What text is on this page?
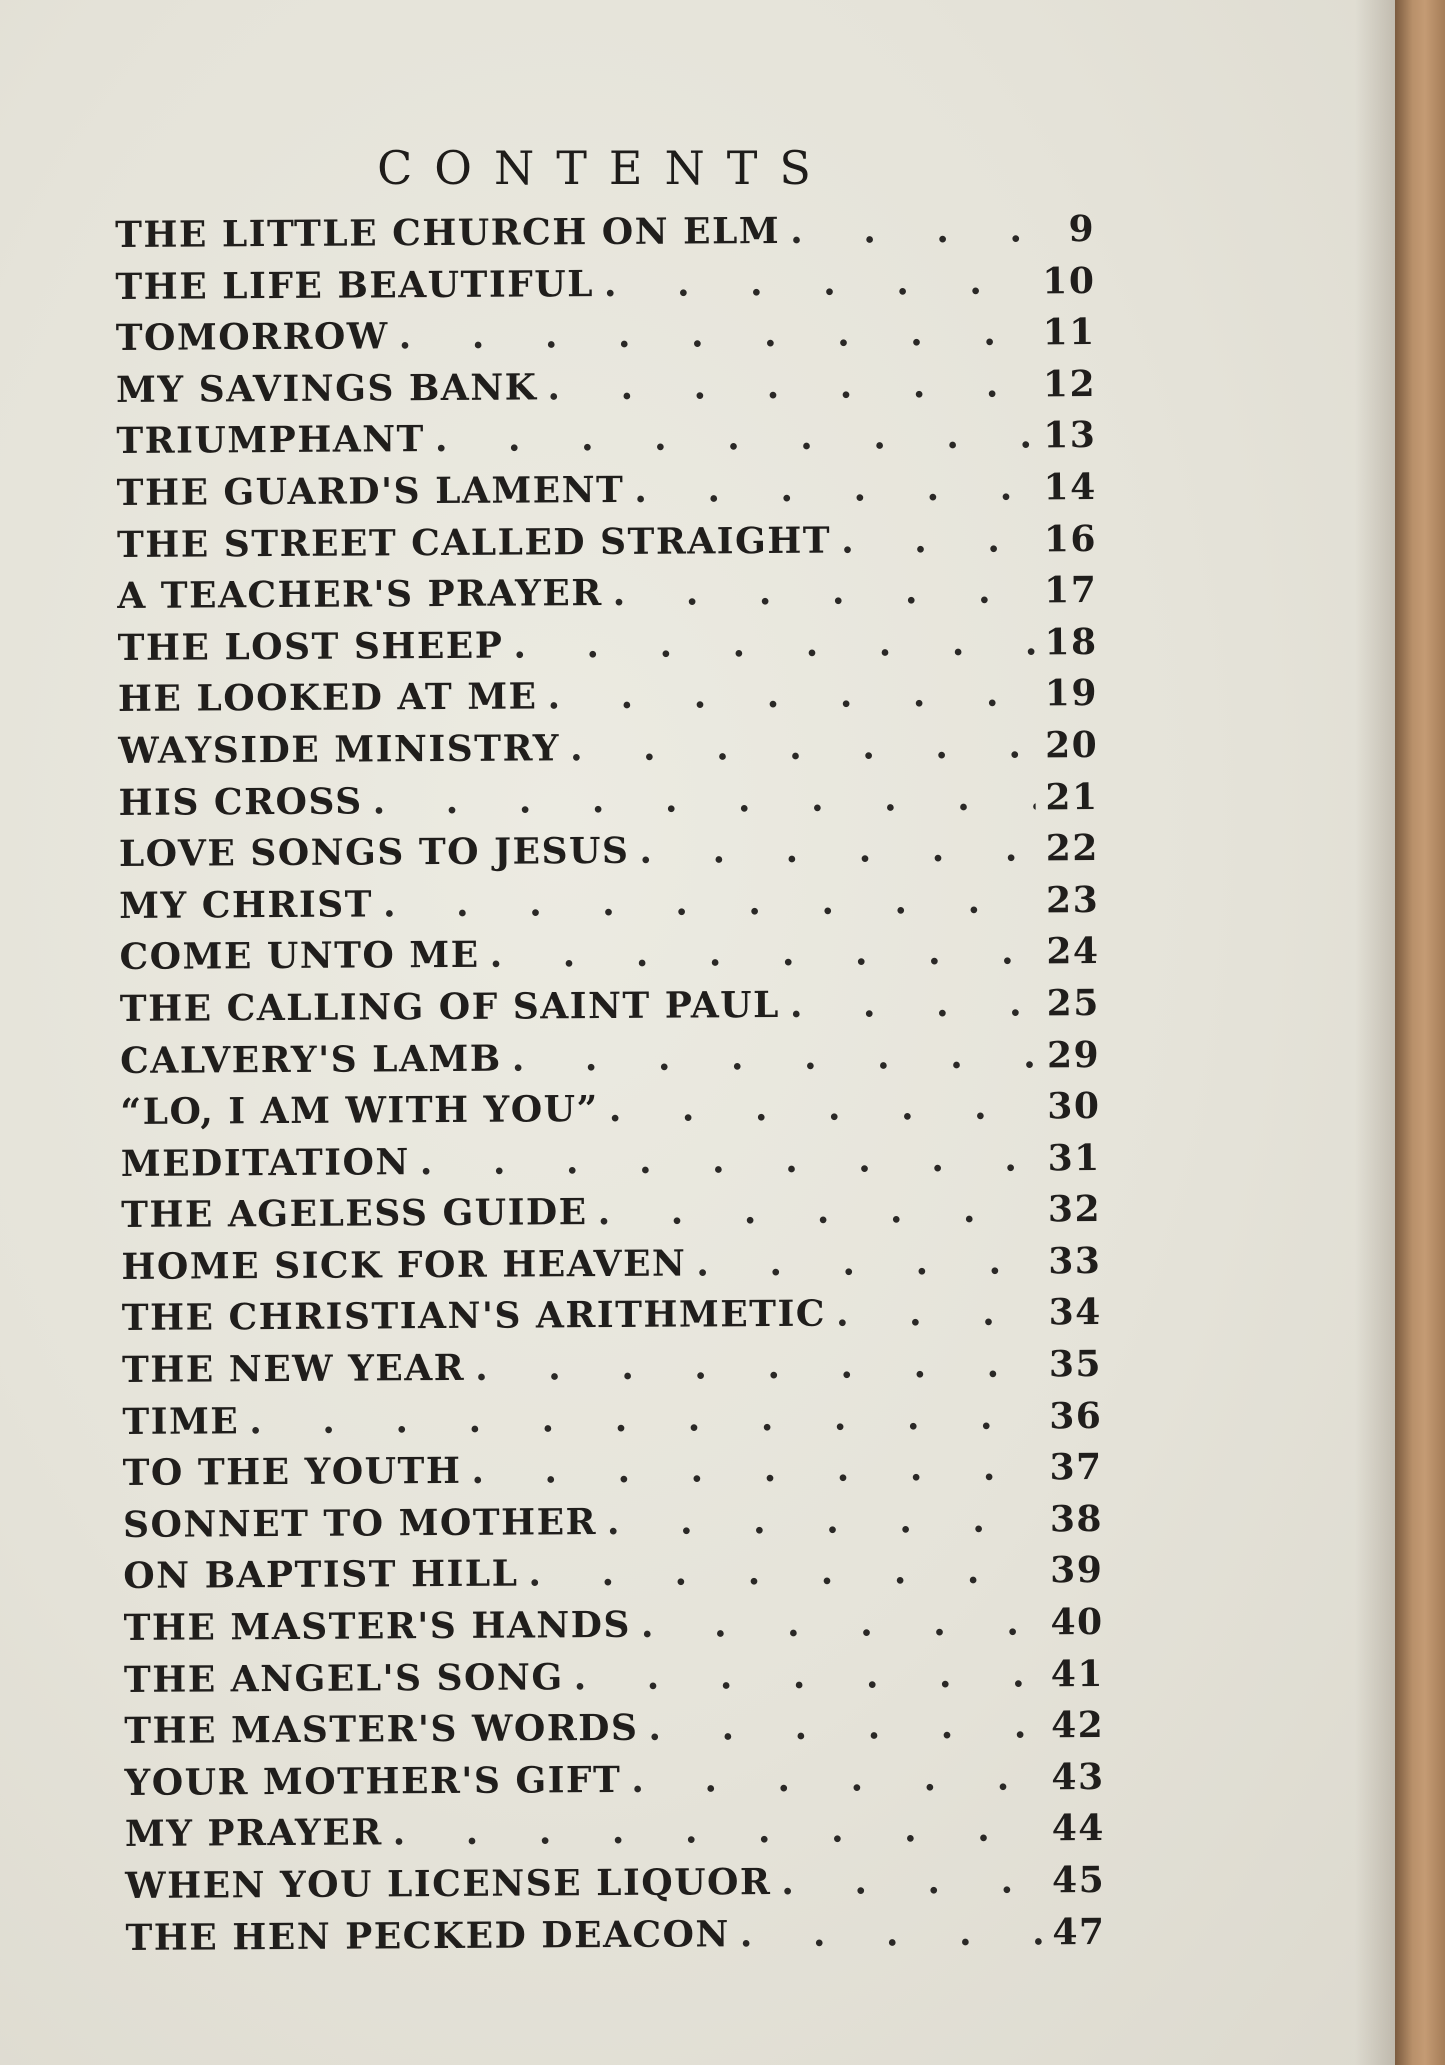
CONTENTS
THE LITTLE CHURCH ON ELM . . .	9
THE LIFE BEAUTIFUL . . .	10
TOMORROW . . .	11
MY SAVINGS BANK . . .	12
TRIUMPHANT . . .	13
THE GUARD'S LAMENT . . .	14
THE STREET CALLED STRAIGHT . . .	16
A TEACHER'S PRAYER . . .	17
THE LOST SHEEP . . .	18
HE LOOKED AT ME . . .	19
WAYSIDE MINISTRY . . .	20
HIS CROSS . . .	21
LOVE SONGS TO JESUS . . .	22
MY CHRIST . . .	23
COME UNTO ME . . .	24
THE CALLING OF SAINT PAUL . . .	25
CALVERY'S LAMB . . .	29
“LO, I AM WITH YOU” . . .	30
MEDITATION . . .	31
THE AGELESS GUIDE . . .	32
HOME SICK FOR HEAVEN . . .	33
THE CHRISTIAN'S ARITHMETIC . . .	34
THE NEW YEAR . . .	35
TIME . . .	36
TO THE YOUTH . . .	37
SONNET TO MOTHER . . .	38
ON BAPTIST HILL . . .	39
THE MASTER'S HANDS . . .	40
THE ANGEL'S SONG . . .	41
THE MASTER'S WORDS . . .	42
YOUR MOTHER'S GIFT . . .	43
MY PRAYER . . .	44
WHEN YOU LICENSE LIQUOR . . .	45
THE HEN PECKED DEACON . . .	47
